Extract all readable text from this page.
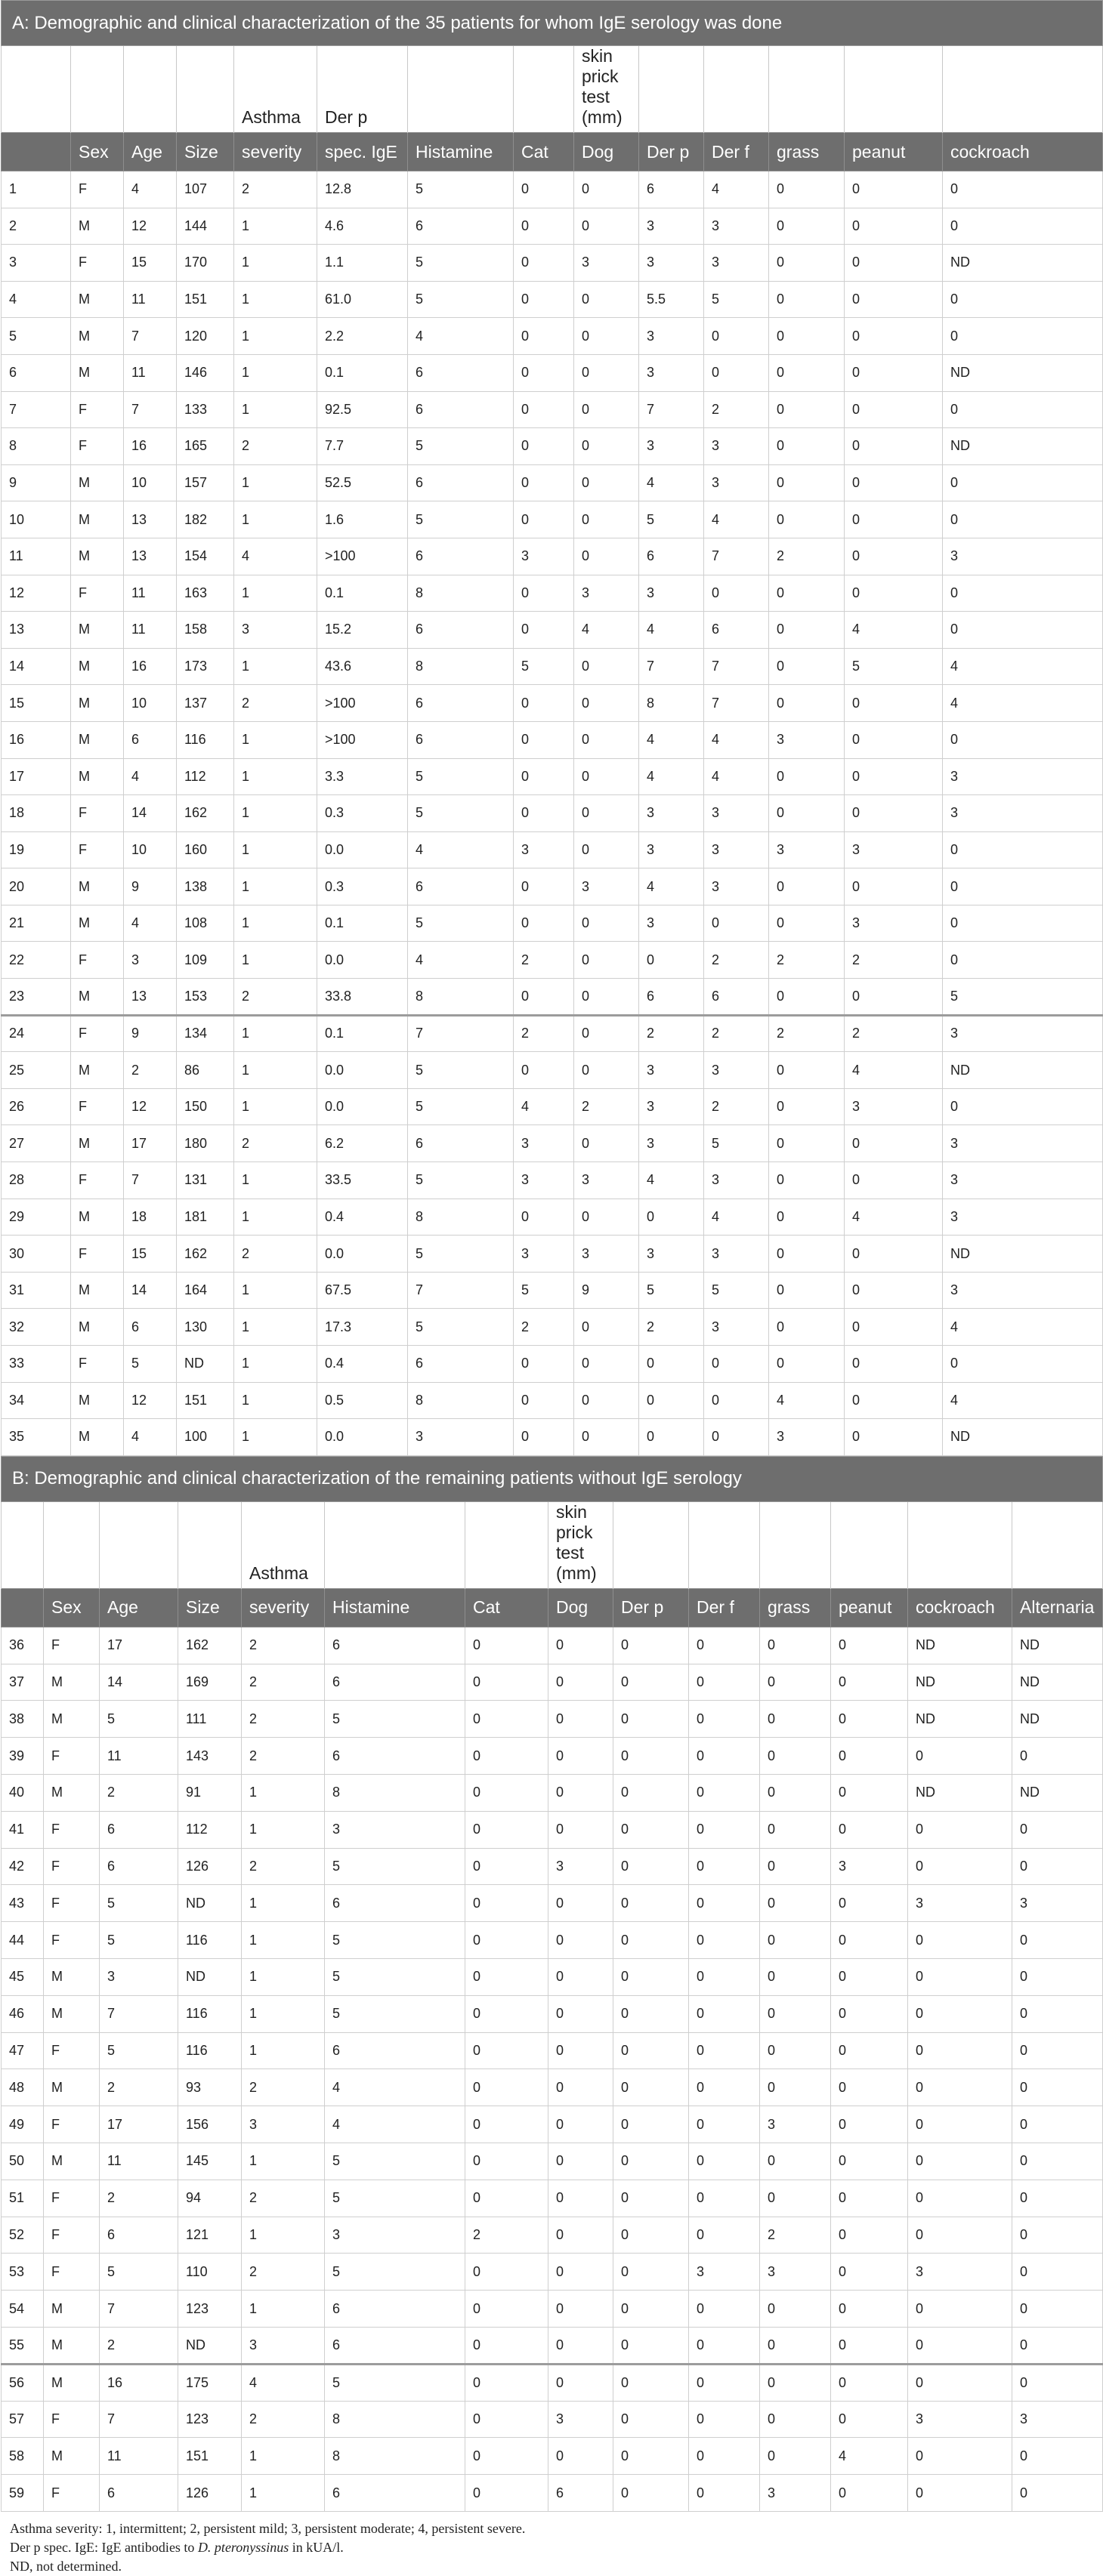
A: Demographic and clinical characterization of the 35 patients for whom IgE serology was done													
				Asthma	Der p			skin prick test (mm)					
	Sex	Age	Size	severity	spec. IgE	Histamine	Cat	Dog	Der p	Der f	grass	peanut	cockroach
1	F	4	107	2	12.8	5	0	0	6	4	0	0	0
2	M	12	144	1	4.6	6	0	0	3	3	0	0	0
3	F	15	170	1	1.1	5	0	3	3	3	0	0	ND
4	M	11	151	1	61.0	5	0	0	5.5	5	0	0	0
5	M	7	120	1	2.2	4	0	0	3	0	0	0	0
6	M	11	146	1	0.1	6	0	0	3	0	0	0	ND
7	F	7	133	1	92.5	6	0	0	7	2	0	0	0
8	F	16	165	2	7.7	5	0	0	3	3	0	0	ND
9	M	10	157	1	52.5	6	0	0	4	3	0	0	0
10	M	13	182	1	1.6	5	0	0	5	4	0	0	0
11	M	13	154	4	>100	6	3	0	6	7	2	0	3
12	F	11	163	1	0.1	8	0	3	3	0	0	0	0
13	M	11	158	3	15.2	6	0	4	4	6	0	4	0
14	M	16	173	1	43.6	8	5	0	7	7	0	5	4
15	M	10	137	2	>100	6	0	0	8	7	0	0	4
16	M	6	116	1	>100	6	0	0	4	4	3	0	0
17	M	4	112	1	3.3	5	0	0	4	4	0	0	3
18	F	14	162	1	0.3	5	0	0	3	3	0	0	3
19	F	10	160	1	0.0	4	3	0	3	3	3	3	0
20	M	9	138	1	0.3	6	0	3	4	3	0	0	0
21	M	4	108	1	0.1	5	0	0	3	0	0	3	0
22	F	3	109	1	0.0	4	2	0	0	2	2	2	0
23	M	13	153	2	33.8	8	0	0	6	6	0	0	5
24	F	9	134	1	0.1	7	2	0	2	2	2	2	3
25	M	2	86	1	0.0	5	0	0	3	3	0	4	ND
26	F	12	150	1	0.0	5	4	2	3	2	0	3	0
27	M	17	180	2	6.2	6	3	0	3	5	0	0	3
28	F	7	131	1	33.5	5	3	3	4	3	0	0	3
29	M	18	181	1	0.4	8	0	0	0	4	0	4	3
30	F	15	162	2	0.0	5	3	3	3	3	0	0	ND
31	M	14	164	1	67.5	7	5	9	5	5	0	0	3
32	M	6	130	1	17.3	5	2	0	2	3	0	0	4
33	F	5	ND	1	0.4	6	0	0	0	0	0	0	0
34	M	12	151	1	0.5	8	0	0	0	0	4	0	4
35	M	4	100	1	0.0	3	0	0	0	0	3	0	ND
B: Demographic and clinical characterization of the remaining patients without IgE serology													
				Asthma			skin prick test (mm)						
	Sex	Age	Size	severity	Histamine	Cat	Dog	Der p	Der f	grass	peanut	cockroach	Alternaria
36	F	17	162	2	6	0	0	0	0	0	0	ND	ND
37	M	14	169	2	6	0	0	0	0	0	0	ND	ND
38	M	5	111	2	5	0	0	0	0	0	0	ND	ND
39	F	11	143	2	6	0	0	0	0	0	0	0	0
40	M	2	91	1	8	0	0	0	0	0	0	ND	ND
41	F	6	112	1	3	0	0	0	0	0	0	0	0
42	F	6	126	2	5	0	3	0	0	0	3	0	0
43	F	5	ND	1	6	0	0	0	0	0	0	3	3
44	F	5	116	1	5	0	0	0	0	0	0	0	0
45	M	3	ND	1	5	0	0	0	0	0	0	0	0
46	M	7	116	1	5	0	0	0	0	0	0	0	0
47	F	5	116	1	6	0	0	0	0	0	0	0	0
48	M	2	93	2	4	0	0	0	0	0	0	0	0
49	F	17	156	3	4	0	0	0	0	3	0	0	0
50	M	11	145	1	5	0	0	0	0	0	0	0	0
51	F	2	94	2	5	0	0	0	0	0	0	0	0
52	F	6	121	1	3	2	0	0	0	2	0	0	0
53	F	5	110	2	5	0	0	0	3	3	0	3	0
54	M	7	123	1	6	0	0	0	0	0	0	0	0
55	M	2	ND	3	6	0	0	0	0	0	0	0	0
56	M	16	175	4	5	0	0	0	0	0	0	0	0
57	F	7	123	2	8	0	3	0	0	0	0	3	3
58	M	11	151	1	8	0	0	0	0	0	4	0	0
59	F	6	126	1	6	0	6	0	0	3	0	0	0

Asthma severity: 1, intermittent; 2, persistent mild; 3, persistent moderate; 4, persistent severe.

Der p spec. IgE: IgE antibodies to D. pteronyssinus in kUA/l.

ND, not determined.
